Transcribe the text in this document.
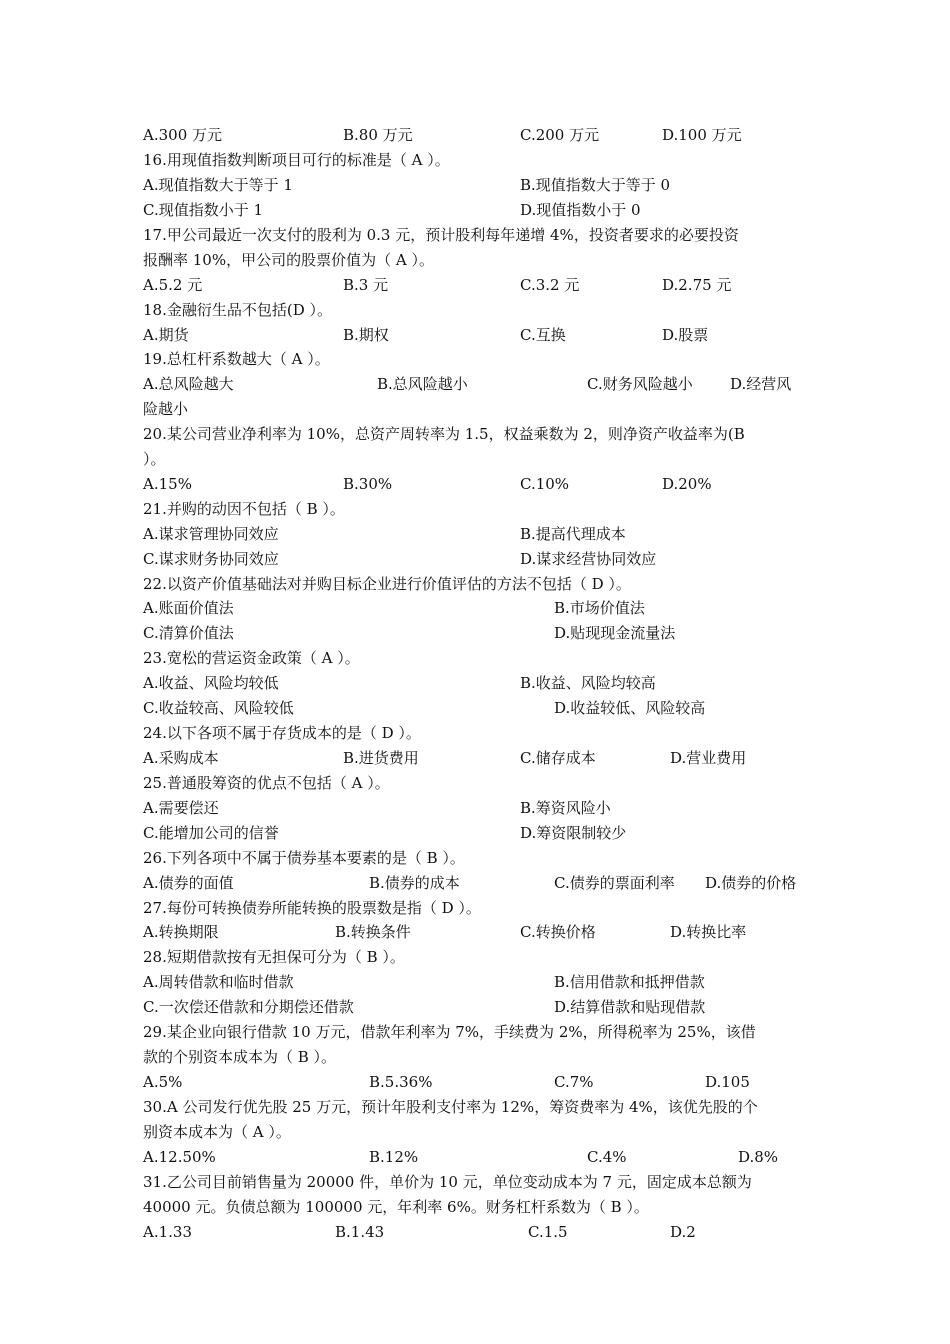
A.300 万元	B.80 万元	C.200 万元	D.100 万元
16.用现值指数判断项目可行的标准是（ A ）。
A.现值指数大于等于 1	B.现值指数大于等于 0
C.现值指数小于 1	D.现值指数小于 0
17.甲公司最近一次支付的股利为 0.3 元，预计股利每年递增 4%，投资者要求的必要投资
报酬率 10%，甲公司的股票价值为（ A ）。
A.5.2 元	B.3 元	C.3.2 元	D.2.75 元
18.金融衍生品不包括(D ）。
A.期货	B.期权	C.互换	D.股票
19.总杠杆系数越大（ A ）。
A.总风险越大	B.总风险越小	C.财务风险越小 D.经营风
险越小
20.某公司营业净利率为 10%，总资产周转率为 1.5，权益乘数为 2，则净资产收益率为(B
）。
A.15%	B.30%	C.10%	D.20%
21.并购的动因不包括（ B ）。
A.谋求管理协同效应	B.提高代理成本
C.谋求财务协同效应	D.谋求经营协同效应
22.以资产价值基础法对并购目标企业进行价值评估的方法不包括（ D ）。
A.账面价值法	B.市场价值法
C.清算价值法	D.贴现现金流量法
23.宽松的营运资金政策（ A ）。
A.收益、风险均较低	B.收益、风险均较高
C.收益较高、风险较低	D.收益较低、风险较高
24.以下各项不属于存货成本的是（ D ）。
A.采购成本	B.进货费用	C.储存成本	D.营业费用
25.普通股筹资的优点不包括（ A ）。
A.需要偿还	B.筹资风险小
C.能增加公司的信誉	D.筹资限制较少
26.下列各项中不属于债券基本要素的是（ B ）。
A.债券的面值	B.债券的成本	C.债券的票面利率 D.债券的价格
27.每份可转换债券所能转换的股票数是指（ D ）。
A.转换期限	B.转换条件	C.转换价格	D.转换比率
28.短期借款按有无担保可分为（ B ）。
A.周转借款和临时借款	B.信用借款和抵押借款
C.一次偿还借款和分期偿还借款	D.结算借款和贴现借款
29.某企业向银行借款 10 万元，借款年利率为 7%，手续费为 2%，所得税率为 25%，该借
款的个别资本成本为（ B ）。
A.5%	B.5.36%	C.7%	D.105
30.A 公司发行优先股 25 万元，预计年股利支付率为 12%，筹资费率为 4%，该优先股的个
别资本成本为（ A ）。
A.12.50%	B.12%	C.4%	D.8%
31.乙公司目前销售量为 20000 件，单价为 10 元，单位变动成本为 7 元，固定成本总额为
40000 元。负债总额为 100000 元，年利率 6%。财务杠杆系数为（ B ）。
A.1.33	B.1.43	C.1.5	D.2
